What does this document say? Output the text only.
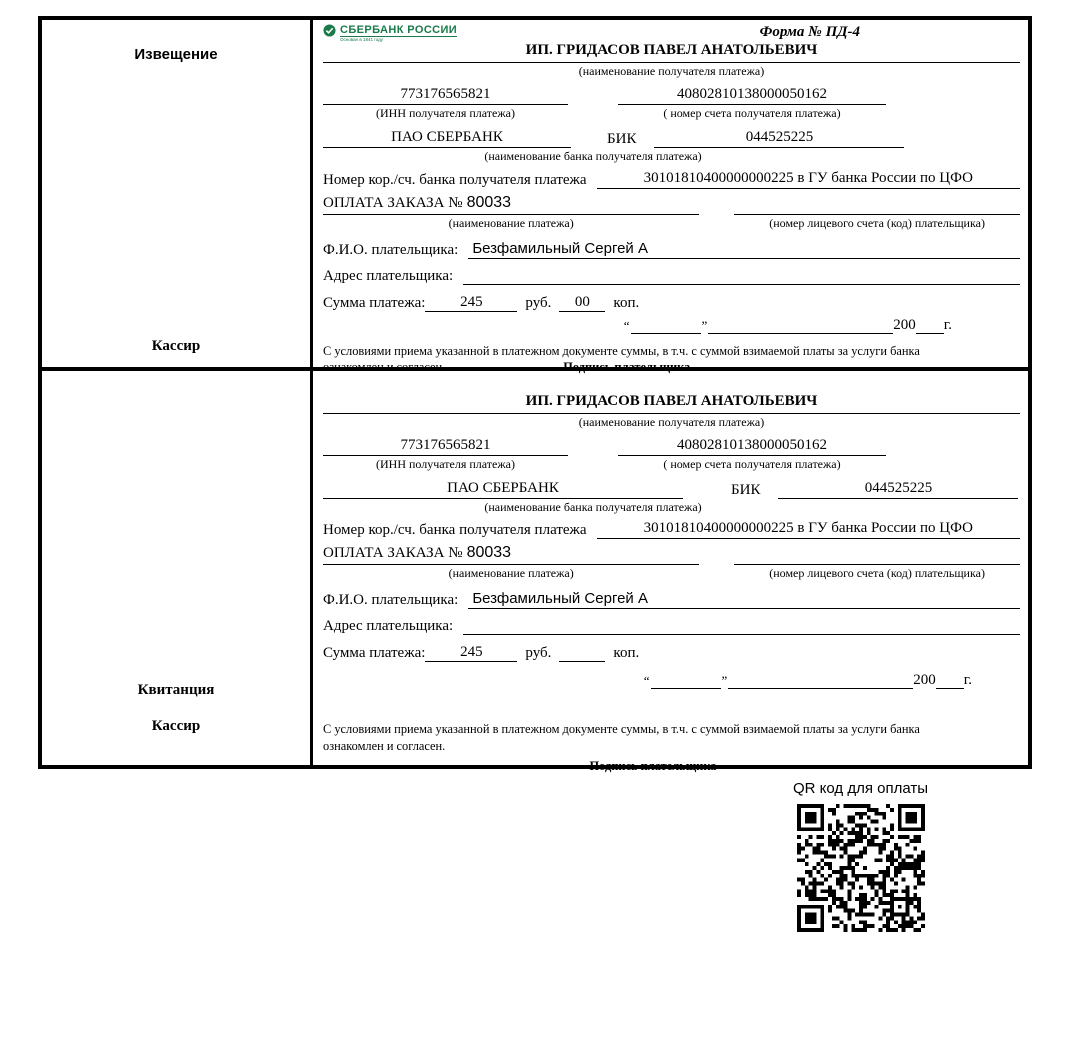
Извещение
Кассир
СБЕРБАНК РОССИИ
Основан в 1841 году	Форма № ПД-4
ИП. ГРИДАСОВ ПАВЕЛ АНАТОЛЬЕВИЧ
(наименование получателя платежа)
773176565821	40802810138000050162
(ИНН получателя платежа)	( номер счета получателя платежа)
ПАО СБЕРБАНК	БИК	044525225
(наименование банка получателя платежа)
Номер кор./сч. банка получателя платежа	30101810400000000225 в ГУ банка России по ЦФО
ОПЛАТА ЗАКАЗА № 80033
(наименование платежа)	(номер лицевого счета (код) плательщика)
Ф.И.О. плательщика: Безфамильный Сергей А
Адрес плательщика:
Сумма платежа:	245	руб.	00	коп.
“	”	200 г.
С условиями приема указанной в платежном документе суммы, в т.ч. с суммой взимаемой платы за услуги банка
ознакомлен и согласен.	Подпись плательщика
Квитанция
Кассир
ИП. ГРИДАСОВ ПАВЕЛ АНАТОЛЬЕВИЧ
(наименование получателя платежа)
773176565821	40802810138000050162
(ИНН получателя платежа)	( номер счета получателя платежа)
ПАО СБЕРБАНК	БИК	044525225
(наименование банка получателя платежа)
Номер кор./сч. банка получателя платежа	30101810400000000225 в ГУ банка России по ЦФО
ОПЛАТА ЗАКАЗА № 80033
(наименование платежа)	(номер лицевого счета (код) плательщика)
Ф.И.О. плательщика: Безфамильный Сергей А
Адрес плательщика:
Сумма платежа:	245	руб.	коп.
“	”	200 г.
С условиями приема указанной в платежном документе суммы, в т.ч. с суммой взимаемой платы за услуги банка
ознакомлен и согласен.
Подпись плательщика
QR код для оплаты
